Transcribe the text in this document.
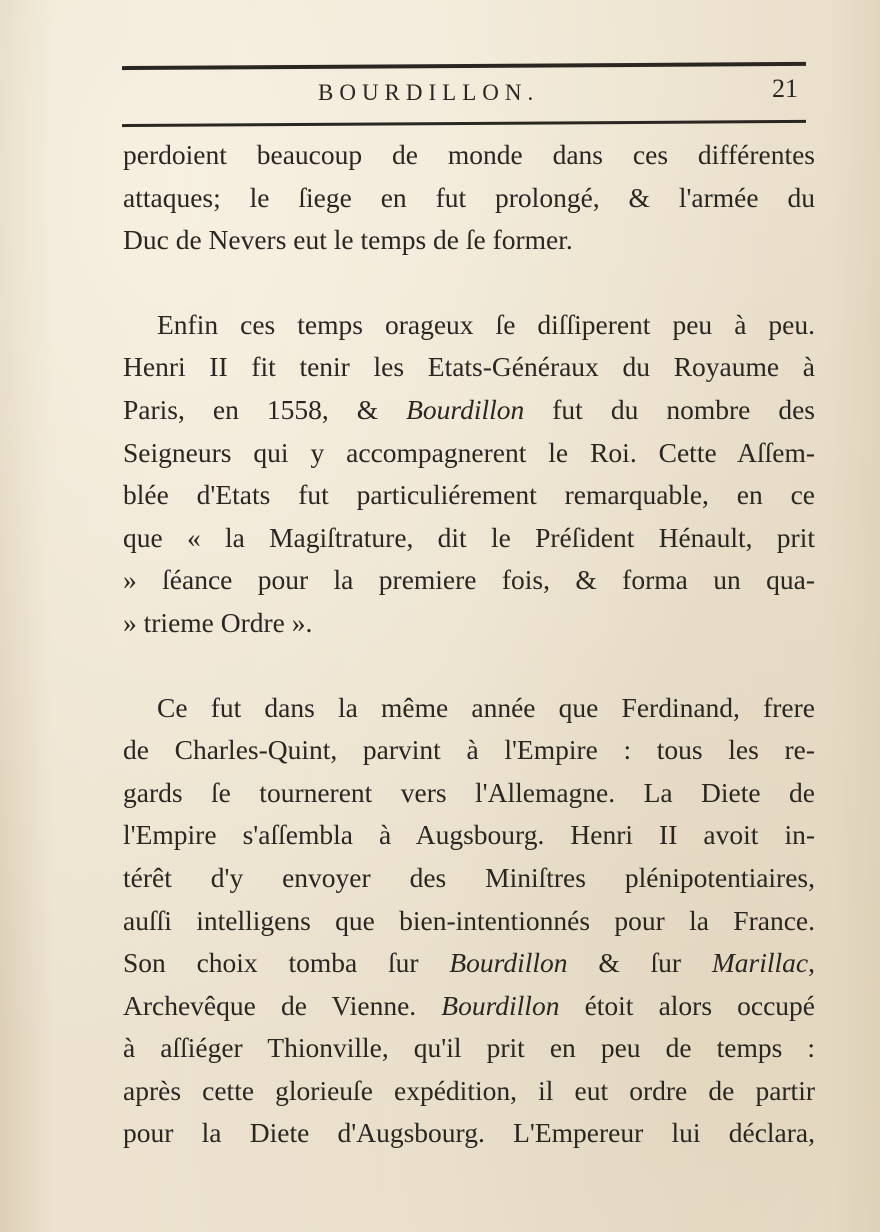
BOURDILLON.	21
perdoient beaucoup de monde dans ces différentes
attaques; le ſiege en fut prolongé, & l'armée du
Duc de Nevers eut le temps de ſe former.
Enfin ces temps orageux ſe diſſiperent peu à peu.
Henri II fit tenir les Etats-Généraux du Royaume à
Paris, en 1558, & Bourdillon fut du nombre des
Seigneurs qui y accompagnerent le Roi. Cette Aſſem-
blée d'Etats fut particuliérement remarquable, en ce
que « la Magiſtrature, dit le Préſident Hénault, prit
» ſéance pour la premiere fois, & forma un qua-
» trieme Ordre ».
Ce fut dans la même année que Ferdinand, frere
de Charles-Quint, parvint à l'Empire : tous les re-
gards ſe tournerent vers l'Allemagne. La Diete de
l'Empire s'aſſembla à Augsbourg. Henri II avoit in-
térêt d'y envoyer des Miniſtres plénipotentiaires,
auſſi intelligens que bien-intentionnés pour la France.
Son choix tomba ſur Bourdillon & ſur Marillac,
Archevêque de Vienne. Bourdillon étoit alors occupé
à aſſiéger Thionville, qu'il prit en peu de temps :
après cette glorieuſe expédition, il eut ordre de partir
pour la Diete d'Augsbourg. L'Empereur lui déclara,
